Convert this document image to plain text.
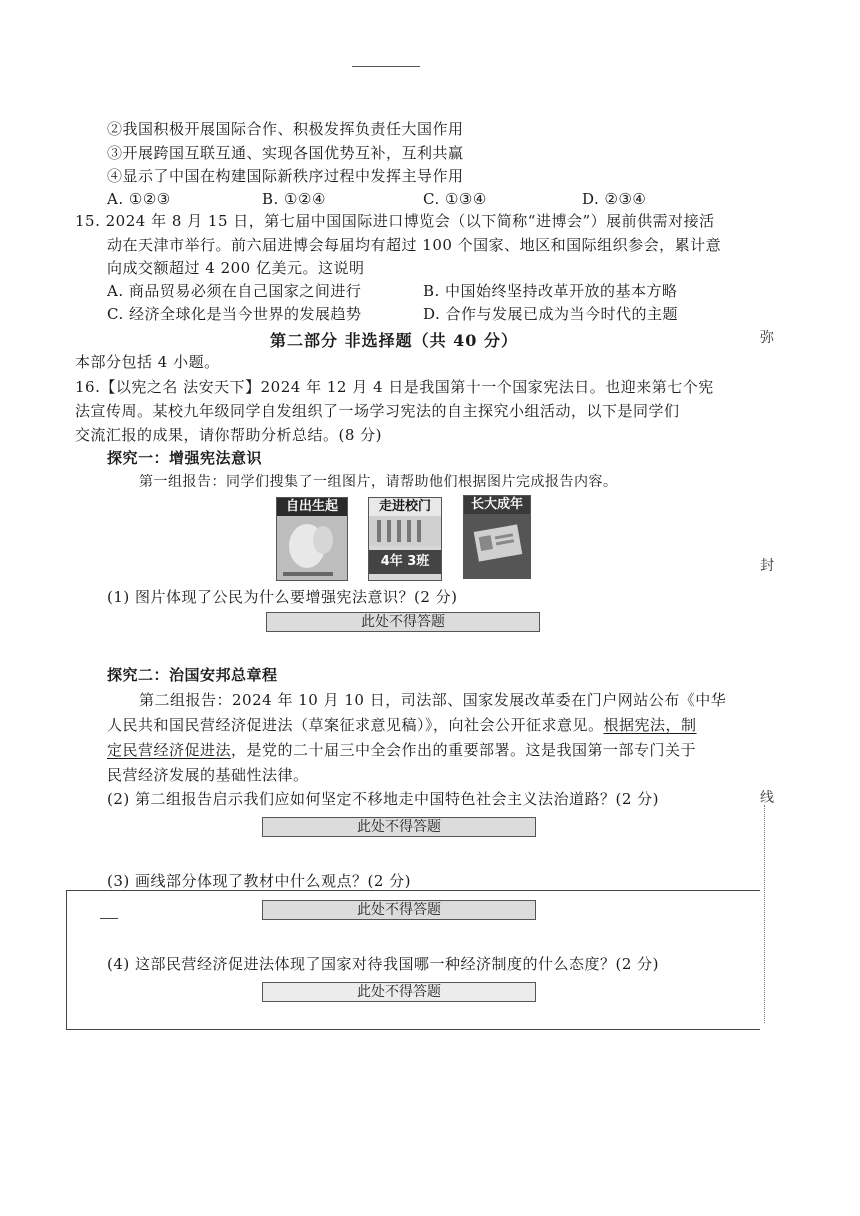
②我国积极开展国际合作、积极发挥负责任大国作用
③开展跨国互联互通、实现各国优势互补，互利共赢
④显示了中国在构建国际新秩序过程中发挥主导作用
A. ①②③	B. ①②④	C. ①③④	D. ②③④
15. 2024 年 8 月 15 日，第七届中国国际进口博览会（以下简称“进博会”）展前供需对接活
动在天津市举行。前六届进博会每届均有超过 100 个国家、地区和国际组织参会，累计意
向成交额超过 4 200 亿美元。这说明
A. 商品贸易必须在自己国家之间进行	B. 中国始终坚持改革开放的基本方略
C. 经济全球化是当今世界的发展趋势	D. 合作与发展已成为当今时代的主题
第二部分 非选择题（共 40 分）
本部分包括 4 小题。
弥
封
线
16.【以宪之名 法安天下】2024 年 12 月 4 日是我国第十一个国家宪法日。也迎来第七个宪
法宣传周。某校九年级同学自发组织了一场学习宪法的自主探究小组活动，以下是同学们
交流汇报的成果，请你帮助分析总结。(8 分)
探究一：增强宪法意识
第一组报告：同学们搜集了一组图片，请帮助他们根据图片完成报告内容。
自出生起	走进校门
4年 3班
长大成年
(1) 图片体现了公民为什么要增强宪法意识？(2 分)
此处不得答题
探究二：治国安邦总章程
第二组报告：2024 年 10 月 10 日，司法部、国家发展改革委在门户网站公布《中华
人民共和国民营经济促进法（草案征求意见稿）》，向社会公开征求意见。根据宪法，制
定民营经济促进法，是党的二十届三中全会作出的重要部署。这是我国第一部专门关于
民营经济发展的基础性法律。
(2) 第二组报告启示我们应如何坚定不移地走中国特色社会主义法治道路？(2 分)
此处不得答题
(3) 画线部分体现了教材中什么观点？(2 分)
此处不得答题
(4) 这部民营经济促进法体现了国家对待我国哪一种经济制度的什么态度？(2 分)
此处不得答题
